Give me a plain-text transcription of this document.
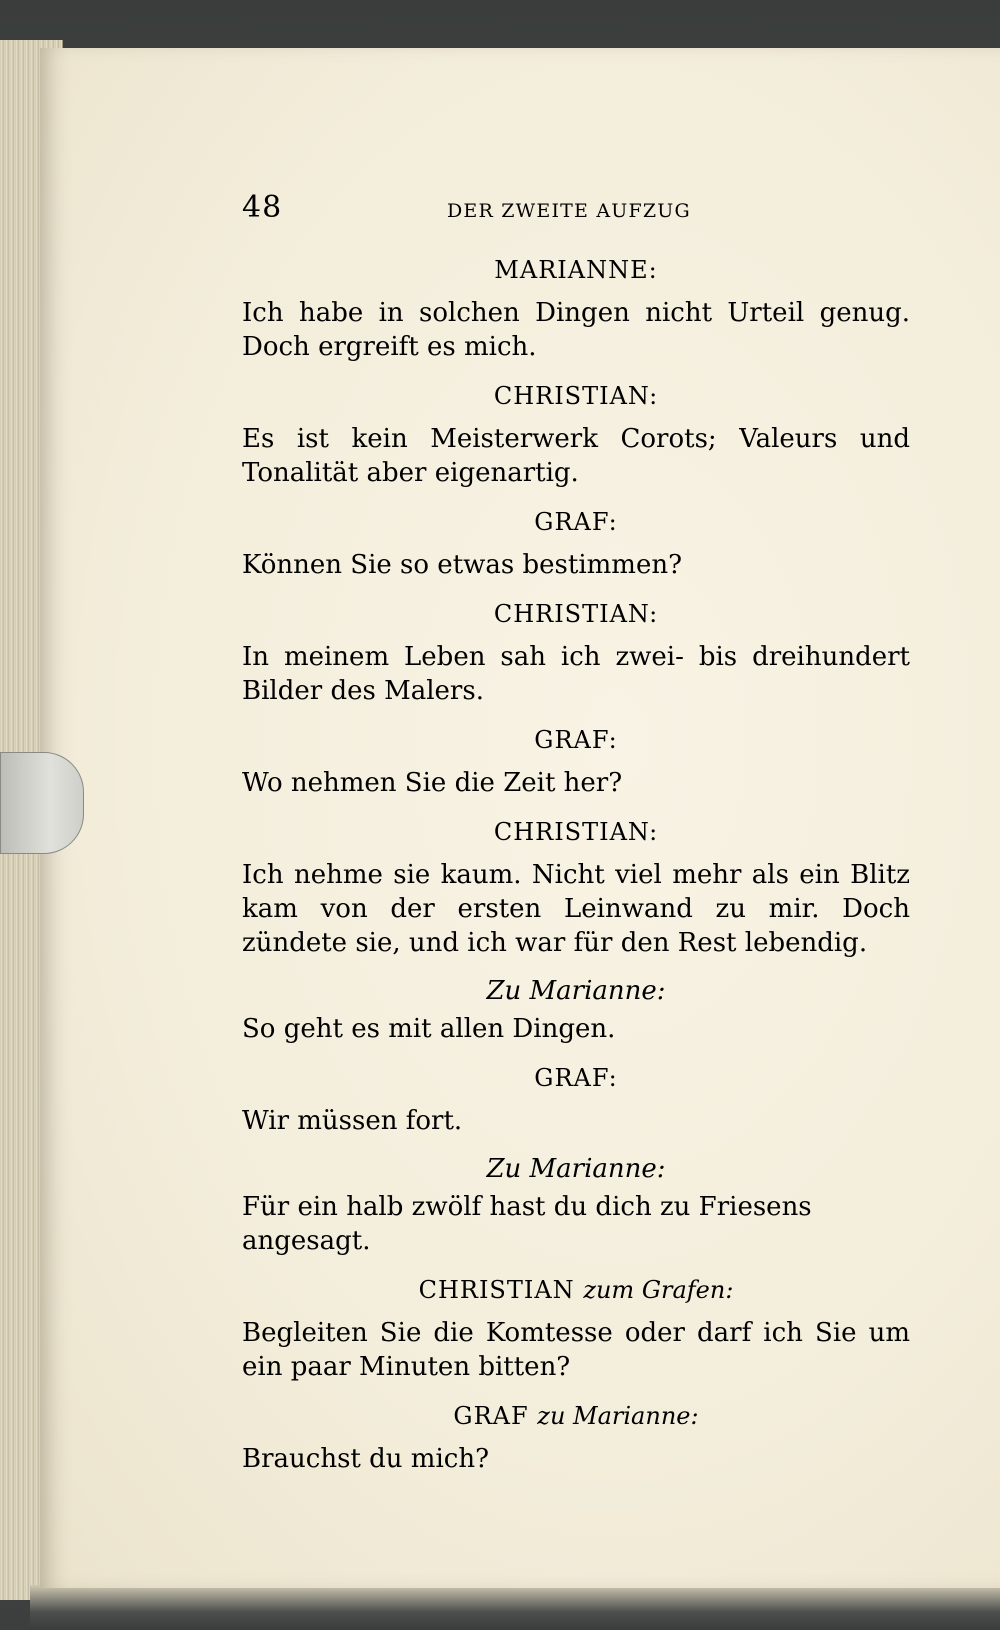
48	DER ZWEITE AUFZUG
MARIANNE:
Ich habe in solchen Dingen nicht Urteil genug. Doch ergreift es mich.
CHRISTIAN:
Es ist kein Meisterwerk Corots; Valeurs und Tonalität aber eigenartig.
GRAF:
Können Sie so etwas bestimmen?
CHRISTIAN:
In meinem Leben sah ich zwei- bis dreihundert Bilder des Malers.
GRAF:
Wo nehmen Sie die Zeit her?
CHRISTIAN:
Ich nehme sie kaum. Nicht viel mehr als ein Blitz kam von der ersten Leinwand zu mir. Doch zündete sie, und ich war für den Rest lebendig.
Zu Marianne:
So geht es mit allen Dingen.
GRAF:
Wir müssen fort.
Zu Marianne:
Für ein halb zwölf hast du dich zu Friesens angesagt.
CHRISTIAN zum Grafen:
Begleiten Sie die Komtesse oder darf ich Sie um ein paar Minuten bitten?
GRAF zu Marianne:
Brauchst du mich?
